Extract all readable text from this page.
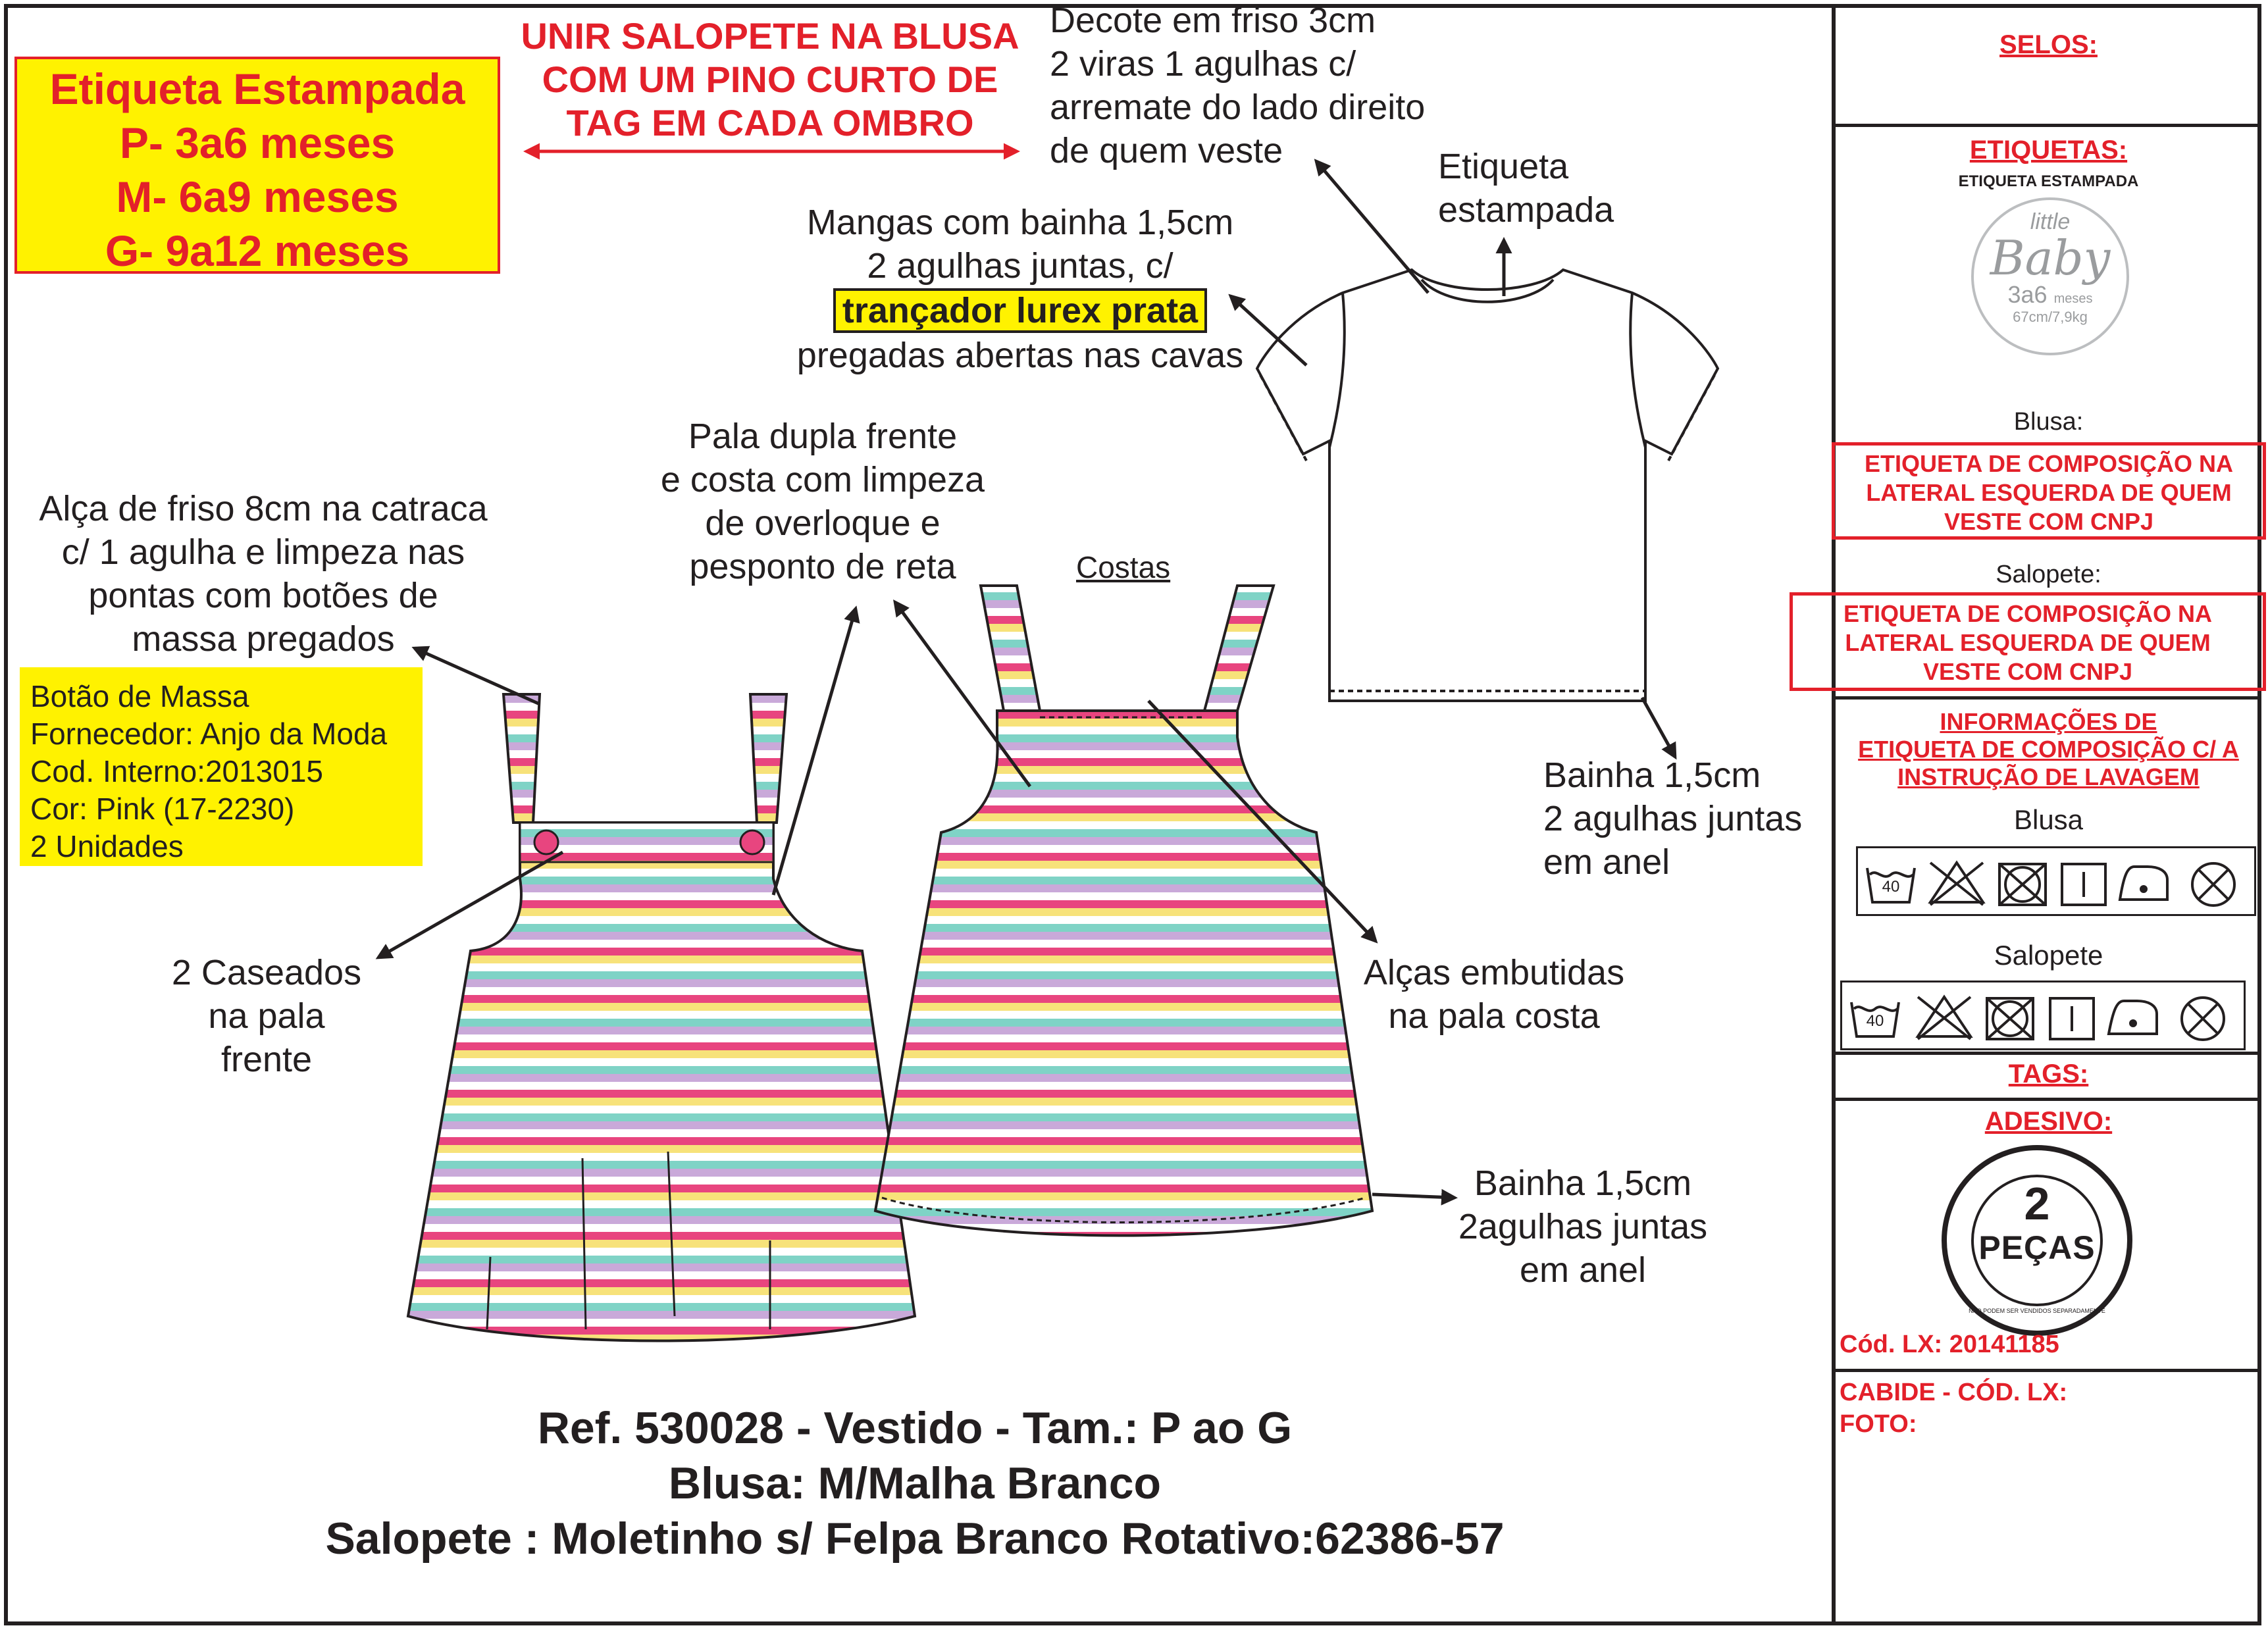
Etiqueta Estampada
P- 3a6 meses
M- 6a9 meses
G- 9a12 meses
UNIR SALOPETE NA BLUSA
COM UM PINO CURTO DE
TAG EM CADA OMBRO
Decote em friso 3cm
2 viras 1 agulhas c/
arremate do lado direito
de quem veste	Etiqueta
estampada
Mangas com bainha 1,5cm
2 agulhas juntas, c/
trançador lurex prata
pregadas abertas nas cavas
Pala dupla frente
e costa com limpeza
de overloque e
pesponto de reta	Costas
Alça de friso 8cm na catraca
c/ 1 agulha e limpeza nas
pontas com botões de
massa pregados
Botão de Massa
Fornecedor: Anjo da Moda
Cod. Interno:2013015
Cor: Pink (17-2230)
2 Unidades
Bainha 1,5cm
2 agulhas juntas
em anel
2 Caseados
na pala
frente
Alças embutidas
na pala costa
Bainha 1,5cm
2agulhas juntas
em anel
Ref. 530028 - Vestido - Tam.: P ao G
Blusa: M/Malha Branco
Salopete : Moletinho s/ Felpa Branco Rotativo:62386-57
SELOS:
ETIQUETAS:
ETIQUETA ESTAMPADA
little
Baby
3a6 meses
67cm/7,9kg
Blusa:
ETIQUETA DE COMPOSIÇÃO NA
LATERAL ESQUERDA DE QUEM
VESTE COM CNPJ
Salopete:
ETIQUETA DE COMPOSIÇÃO NA
LATERAL ESQUERDA DE QUEM
VESTE COM CNPJ
INFORMAÇÕES DE
ETIQUETA DE COMPOSIÇÃO C/ A
INSTRUÇÃO DE LAVAGEM
Blusa
40
Salopete
40
TAGS:
ADESIVO:
2
PEÇAS
NÃO PODEM SER VENDIDOS SEPARADAMENTE
Cód. LX: 20141185
CABIDE - CÓD. LX:
FOTO:
